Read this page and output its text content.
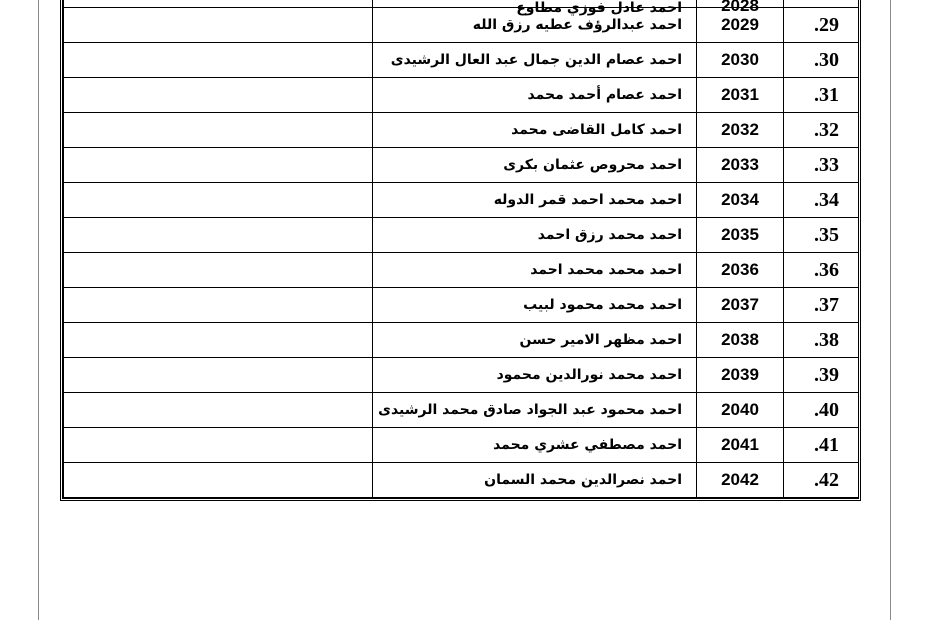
	احمد عادل فوزي مطاوع	2028	

	احمد عبدالرؤف عطيه رزق الله	2029	.29
	احمد عصام الدين جمال عبد العال الرشيدى	2030	.30
	احمد عصام أحمد محمد	2031	.31
	احمد كامل القاضى محمد	2032	.32
	احمد محروص عثمان بكرى	2033	.33
	احمد محمد احمد قمر الدوله	2034	.34
	احمد محمد رزق احمد	2035	.35
	احمد محمد محمد احمد	2036	.36
	احمد محمد محمود لبيب	2037	.37
	احمد مظهر الامير حسن	2038	.38
	احمد محمد نورالدين محمود	2039	.39
	احمد محمود عبد الجواد صادق محمد الرشيدى	2040	.40
	احمد مصطفي عشري محمد	2041	.41
	احمد نصرالدين محمد السمان	2042	.42
